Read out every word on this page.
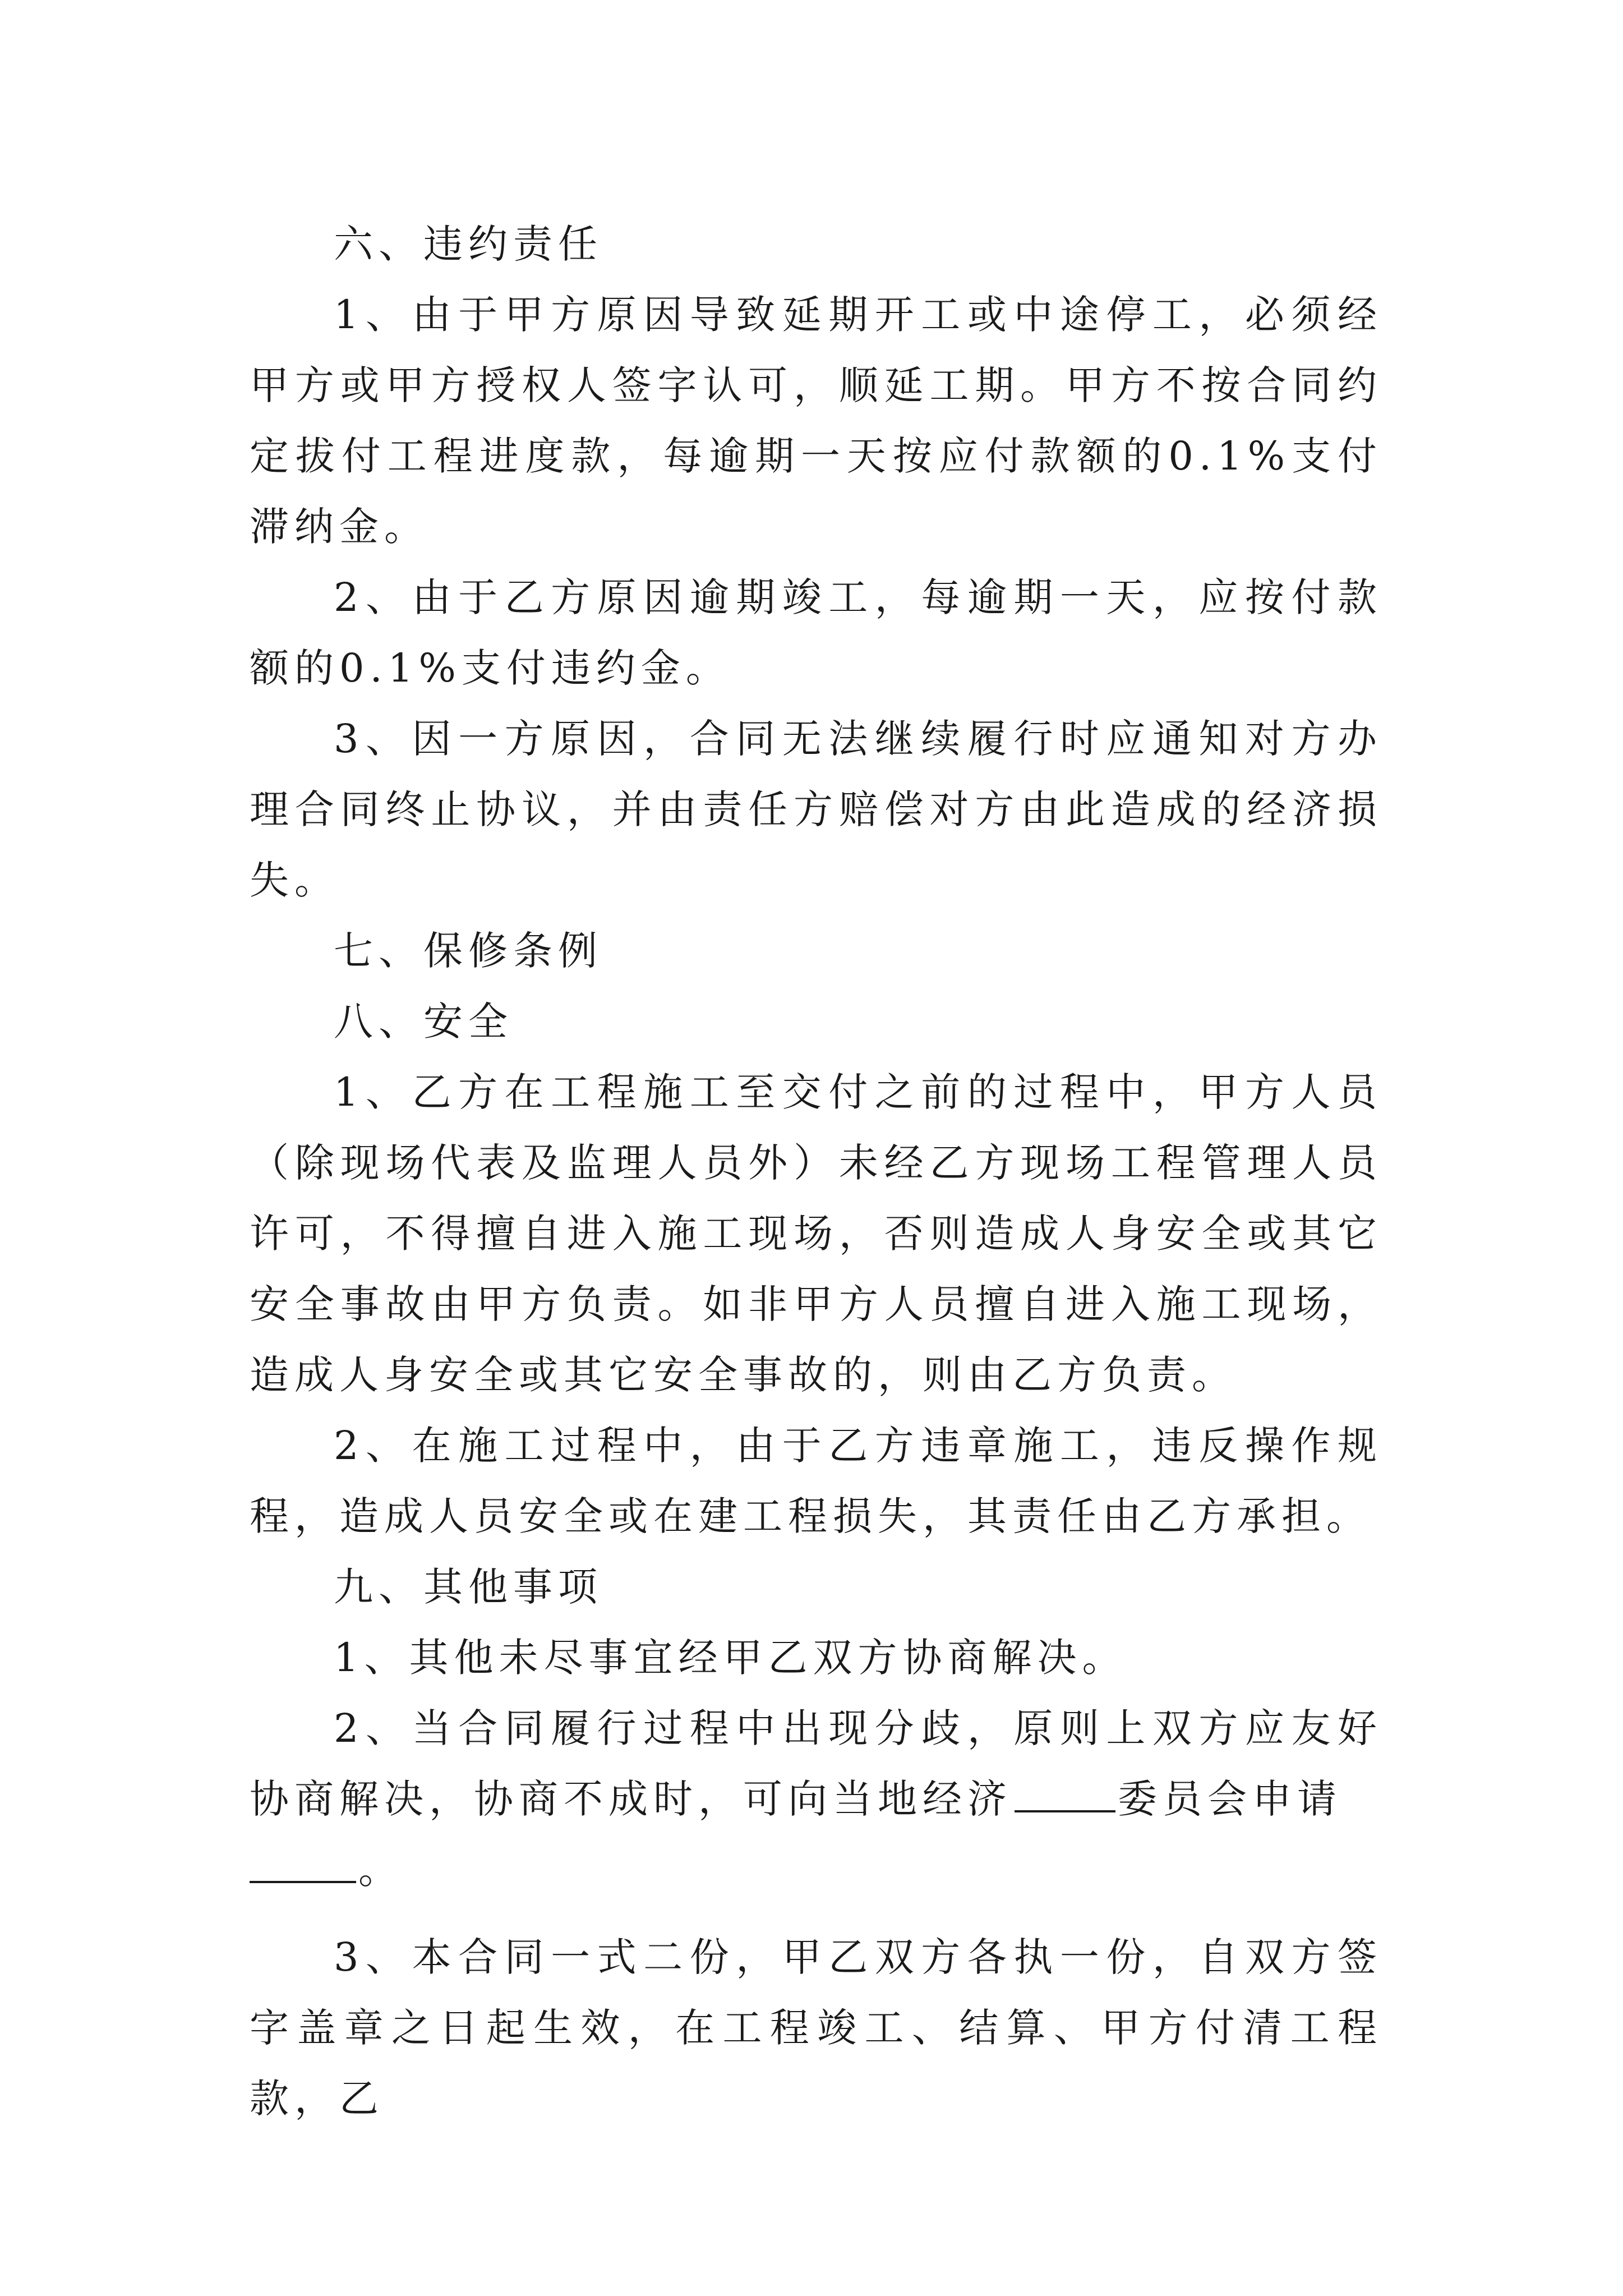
六、违约责任

1、由于甲方原因导致延期开工或中途停工，必须经甲方或甲方授权人签字认可，顺延工期。甲方不按合同约定拔付工程进度款，每逾期一天按应付款额的0.1%支付滞纳金。

2、由于乙方原因逾期竣工，每逾期一天，应按付款额的0.1%支付违约金。

3、因一方原因，合同无法继续履行时应通知对方办理合同终止协议，并由责任方赔偿对方由此造成的经济损失。

七、保修条例

八、安全

1、乙方在工程施工至交付之前的过程中，甲方人员（除现场代表及监理人员外）未经乙方现场工程管理人员许可，不得擅自进入施工现场，否则造成人身安全或其它安全事故由甲方负责。如非甲方人员擅自进入施工现场，造成人身安全或其它安全事故的，则由乙方负责。

2、在施工过程中，由于乙方违章施工，违反操作规程，造成人员安全或在建工程损失，其责任由乙方承担。

九、其他事项

1、其他未尽事宜经甲乙双方协商解决。

2、当合同履行过程中出现分歧，原则上双方应友好协商解决，协商不成时，可向当地经济	委员会申请
。

3、本合同一式二份，甲乙双方各执一份，自双方签字盖章之日起生效，在工程竣工、结算、甲方付清工程款，乙
